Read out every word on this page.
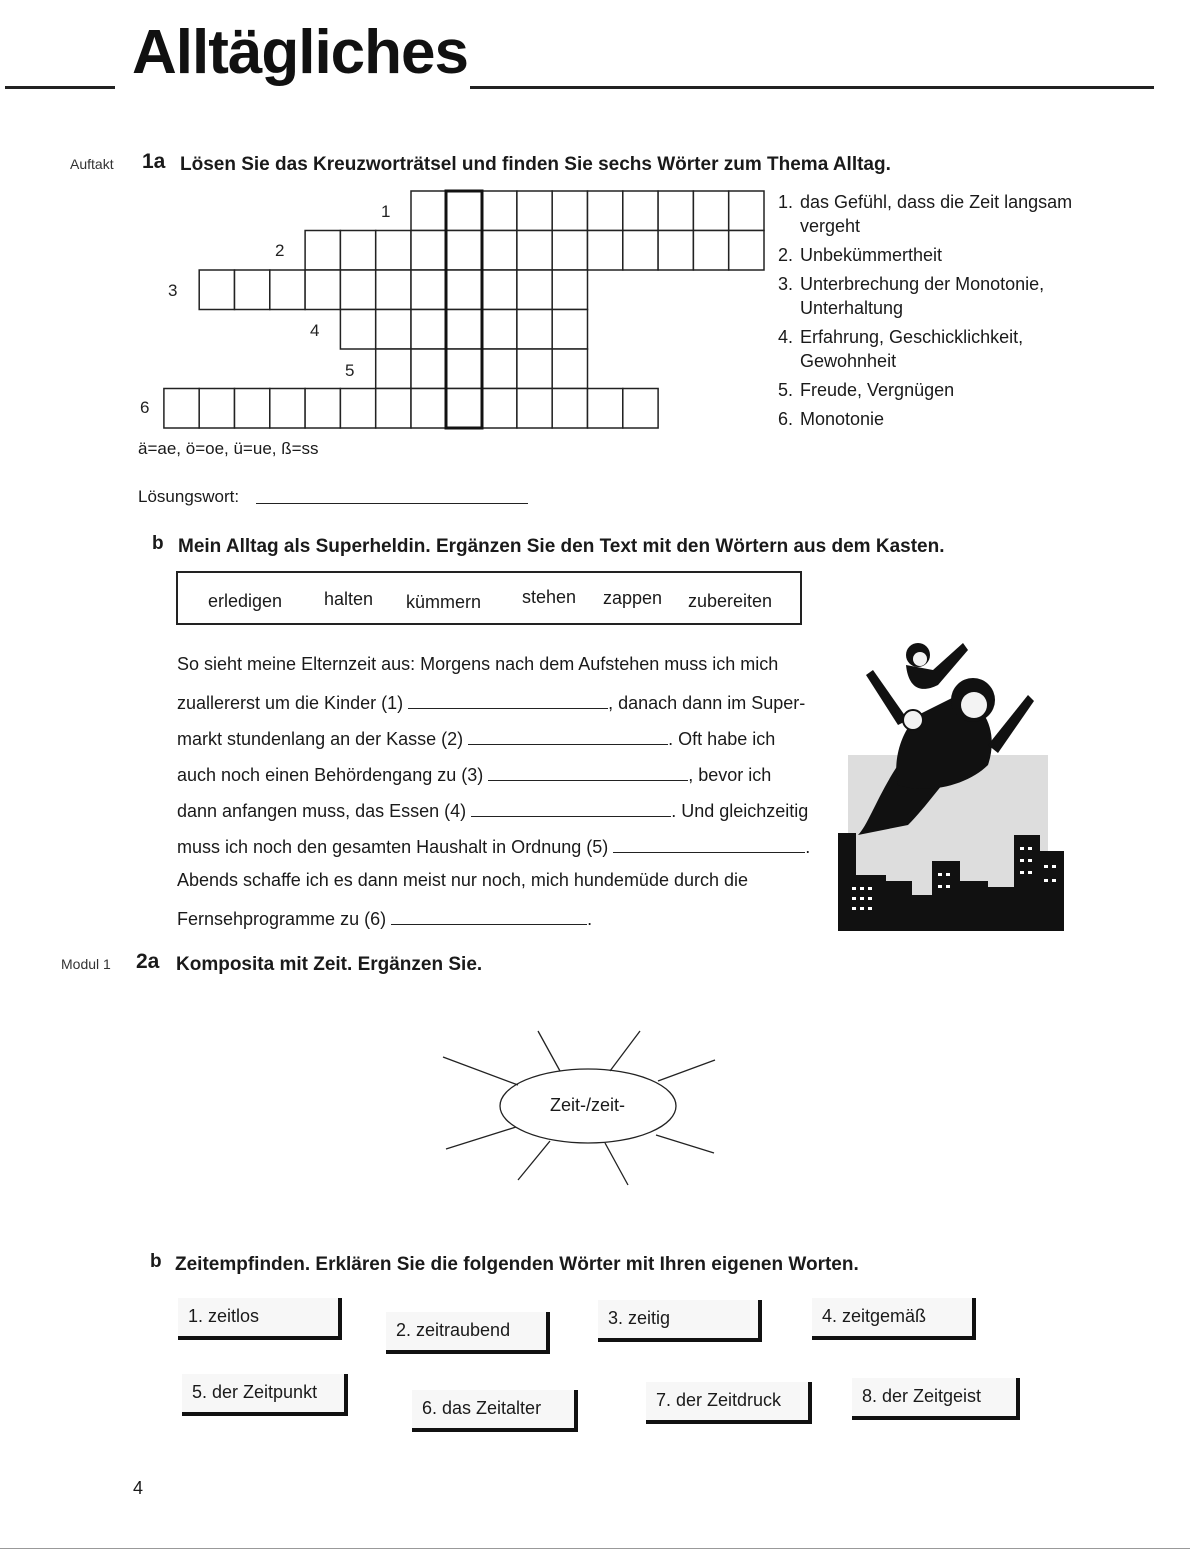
Alltägliches
Auftakt 1a Lösen Sie das Kreuzworträtsel und finden Sie sechs Wörter zum Thema Alltag.
1
2
3
4
5
6
1. das Gefühl, dass die Zeit langsam vergeht
2. Unbekümmertheit
3. Unterbrechung der Monotonie, Unterhaltung
4. Erfahrung, Geschicklichkeit, Gewohnheit
5. Freude, Vergnügen
6. Monotonie
ä=ae, ö=oe, ü=ue, ß=ss
Lösungswort:
b Mein Alltag als Superheldin. Ergänzen Sie den Text mit den Wörtern aus dem Kasten.
erledigen halten kümmern stehen zappen zubereiten
So sieht meine Elternzeit aus: Morgens nach dem Aufstehen muss ich mich
zuallererst um die Kinder (1)	, danach dann im Super-
markt stundenlang an der Kasse (2)	. Oft habe ich
auch noch einen Behördengang zu (3)	, bevor ich
dann anfangen muss, das Essen (4)	. Und gleichzeitig
muss ich noch den gesamten Haushalt in Ordnung (5)	.
Abends schaffe ich es dann meist nur noch, mich hundemüde durch die
Fernsehprogramme zu (6)	.
Modul 1 2a Komposita mit Zeit. Ergänzen Sie.
Zeit-/zeit-
b Zeitempfinden. Erklären Sie die folgenden Wörter mit Ihren eigenen Worten.
1. zeitlos
2. zeitraubend
3. zeitig	4. zeitgemäß
5. der Zeitpunkt
6. das Zeitalter	7. der Zeitdruck	8. der Zeitgeist
4
